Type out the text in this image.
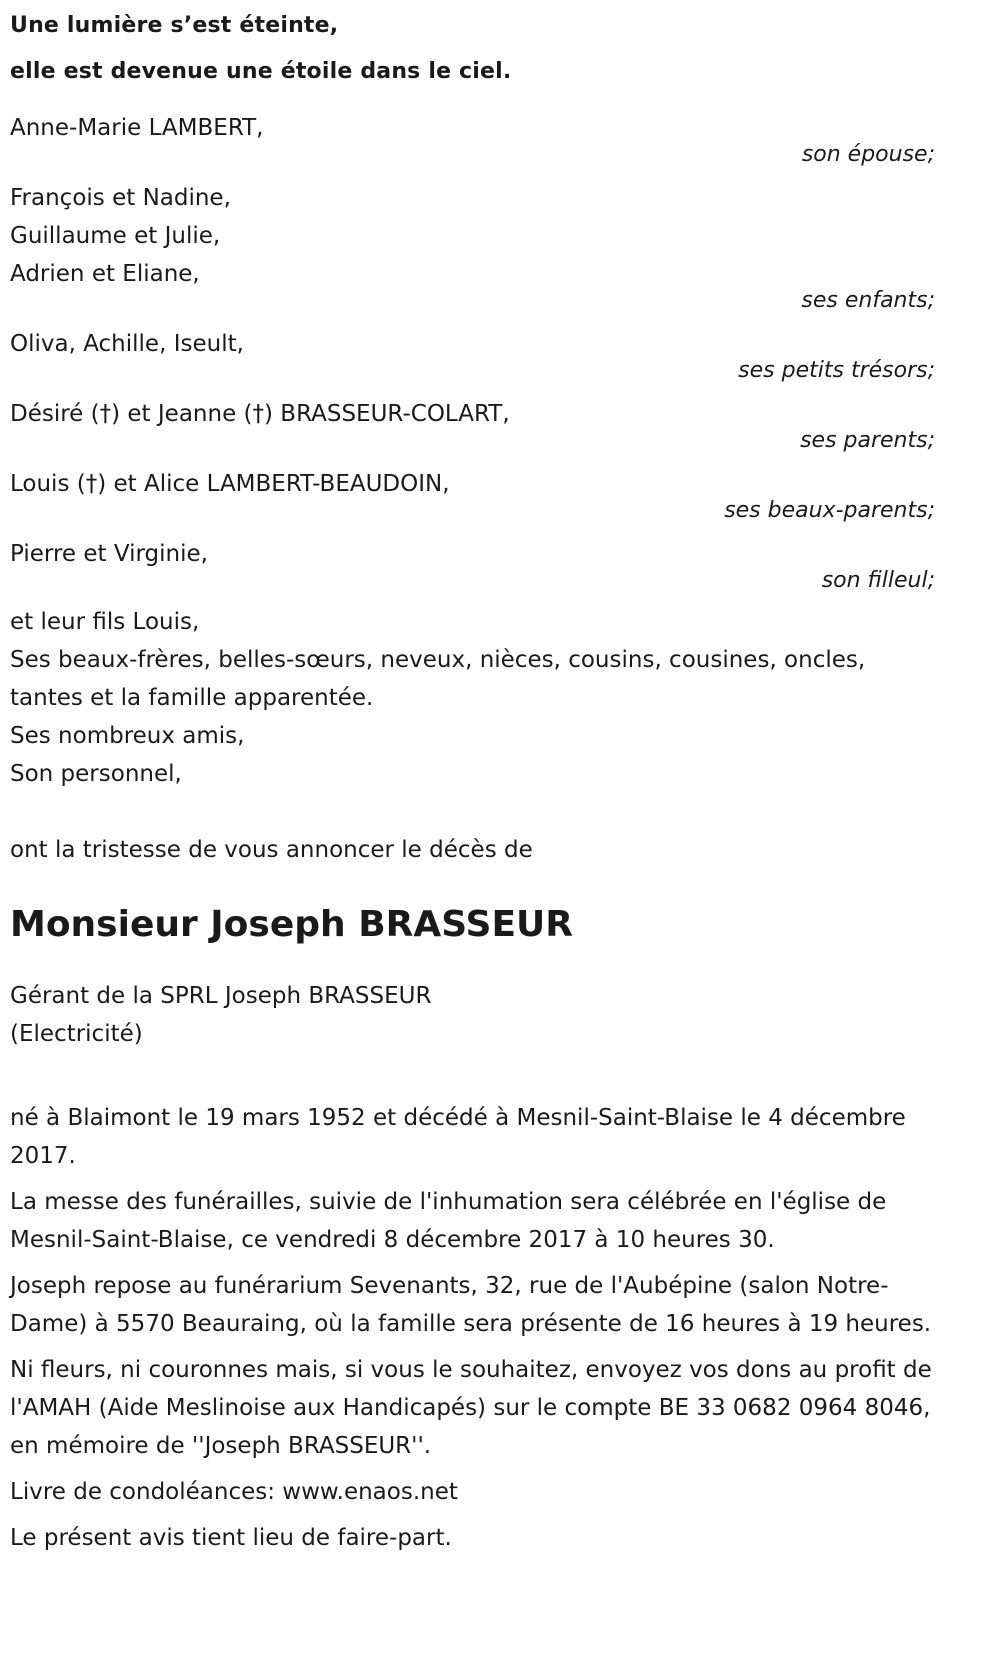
Une lumière s’est éteinte,
elle est devenue une étoile dans le ciel.
Anne-Marie LAMBERT,
son épouse;
François et Nadine,
Guillaume et Julie,
Adrien et Eliane,
ses enfants;
Oliva, Achille, Iseult,
ses petits trésors;
Désiré (†) et Jeanne (†) BRASSEUR-COLART,
ses parents;
Louis (†) et Alice LAMBERT-BEAUDOIN,
ses beaux-parents;
Pierre et Virginie,
son filleul;
et leur fils Louis,
Ses beaux-frères, belles-sœurs, neveux, nièces, cousins, cousines, oncles, tantes et la famille apparentée.
Ses nombreux amis,
Son personnel,
ont la tristesse de vous annoncer le décès de
Monsieur Joseph BRASSEUR
Gérant de la SPRL Joseph BRASSEUR
(Electricité)

né à Blaimont le 19 mars 1952 et décédé à Mesnil-Saint-Blaise le 4 décembre 2017.

La messe des funérailles, suivie de l'inhumation sera célébrée en l'église de Mesnil-Saint-Blaise, ce vendredi 8 décembre 2017 à 10 heures 30.

Joseph repose au funérarium Sevenants, 32, rue de l'Aubépine (salon Notre-Dame) à 5570 Beauraing, où la famille sera présente de 16 heures à 19 heures.

Ni fleurs, ni couronnes mais, si vous le souhaitez, envoyez vos dons au profit de l'AMAH (Aide Meslinoise aux Handicapés) sur le compte BE 33 0682 0964 8046, en mémoire de ''Joseph BRASSEUR''.

Livre de condoléances: www.enaos.net

Le présent avis tient lieu de faire-part.
